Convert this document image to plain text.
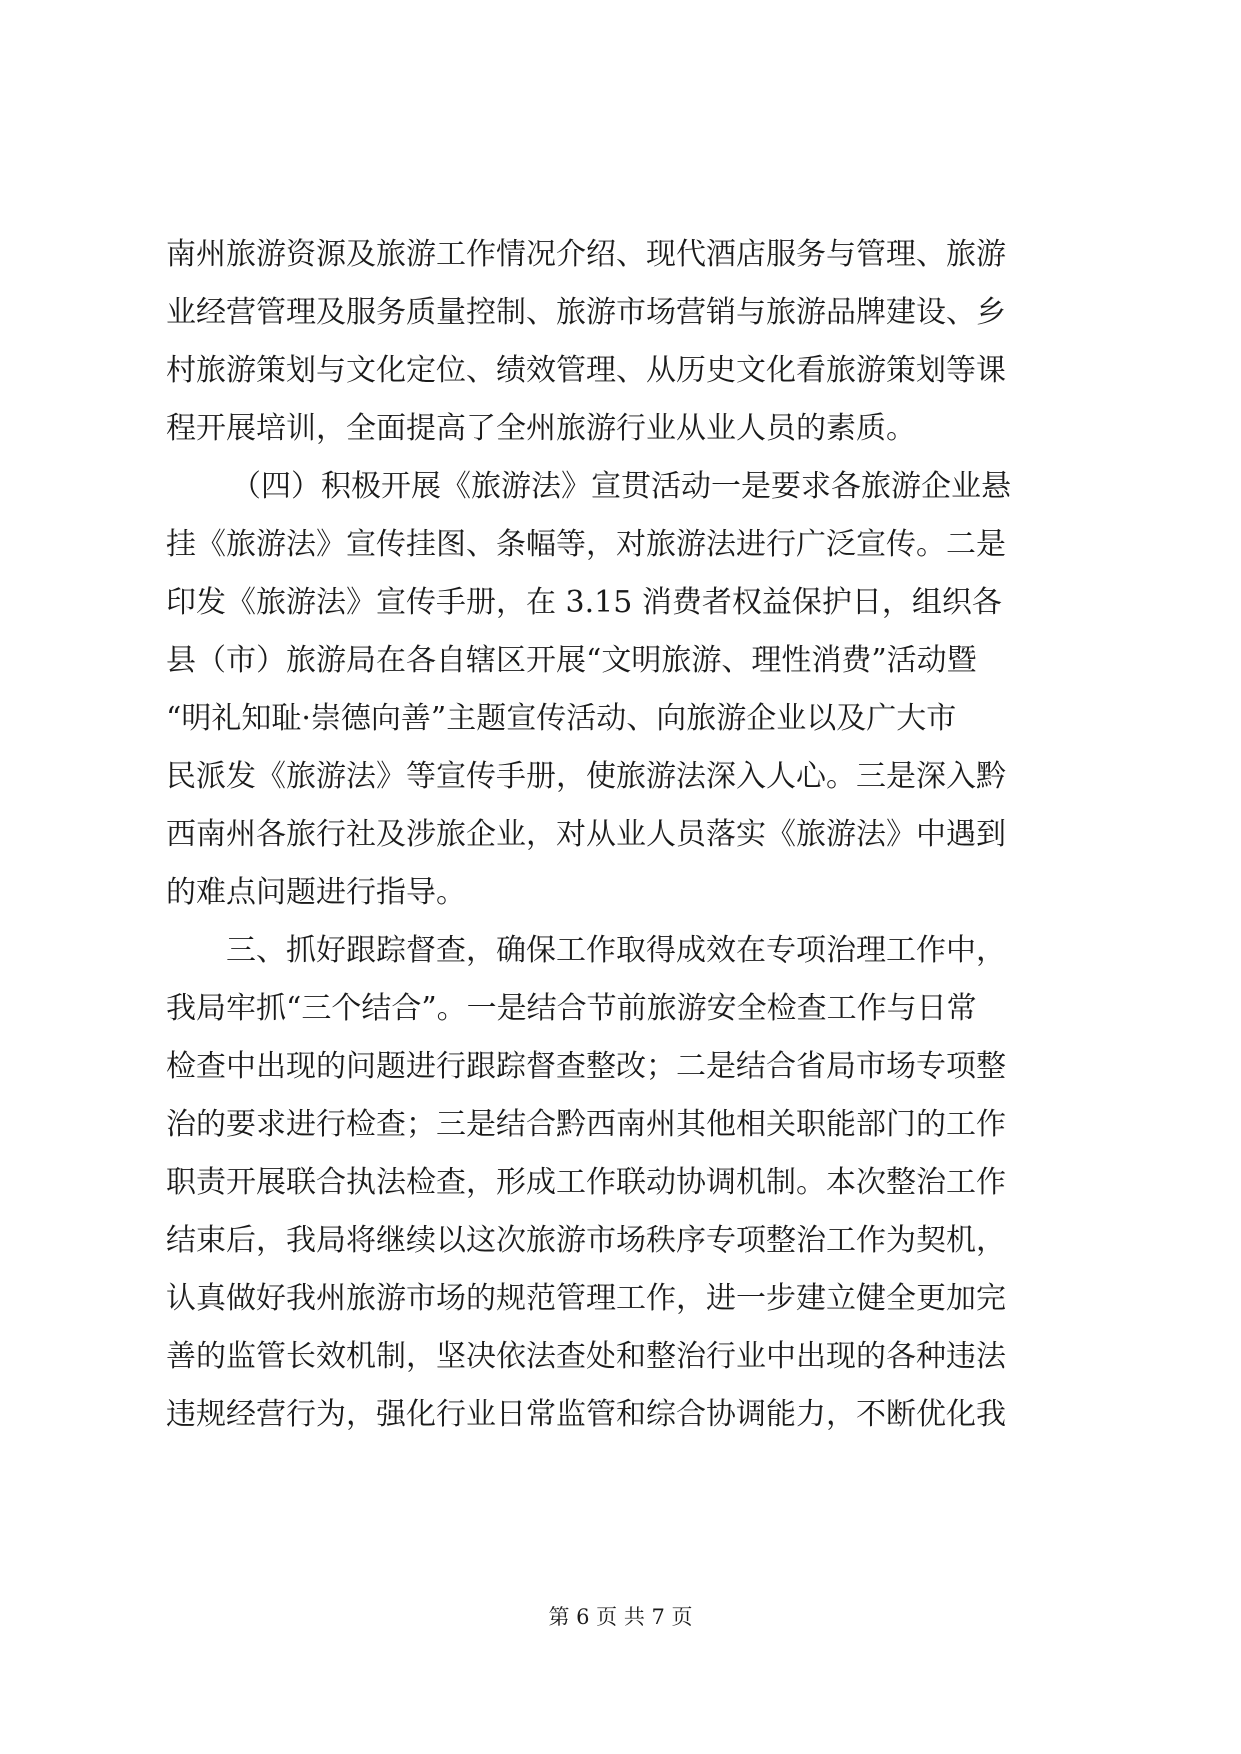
南州旅游资源及旅游工作情况介绍、现代酒店服务与管理、旅游
业经营管理及服务质量控制、旅游市场营销与旅游品牌建设、乡
村旅游策划与文化定位、绩效管理、从历史文化看旅游策划等课
程开展培训，全面提高了全州旅游行业从业人员的素质。
（四）积极开展《旅游法》宣贯活动一是要求各旅游企业悬
挂《旅游法》宣传挂图、条幅等，对旅游法进行广泛宣传。二是
印发《旅游法》宣传手册，在 3.15 消费者权益保护日，组织各
县（市）旅游局在各自辖区开展“文明旅游、理性消费”活动暨
“明礼知耻·崇德向善”主题宣传活动、向旅游企业以及广大市
民派发《旅游法》等宣传手册，使旅游法深入人心。三是深入黔
西南州各旅行社及涉旅企业，对从业人员落实《旅游法》中遇到
的难点问题进行指导。
三、抓好跟踪督查，确保工作取得成效在专项治理工作中，
我局牢抓“三个结合”。一是结合节前旅游安全检查工作与日常
检查中出现的问题进行跟踪督查整改；二是结合省局市场专项整
治的要求进行检查；三是结合黔西南州其他相关职能部门的工作
职责开展联合执法检查，形成工作联动协调机制。本次整治工作
结束后，我局将继续以这次旅游市场秩序专项整治工作为契机，
认真做好我州旅游市场的规范管理工作，进一步建立健全更加完
善的监管长效机制，坚决依法查处和整治行业中出现的各种违法
违规经营行为，强化行业日常监管和综合协调能力，不断优化我
第 6 页 共 7 页
